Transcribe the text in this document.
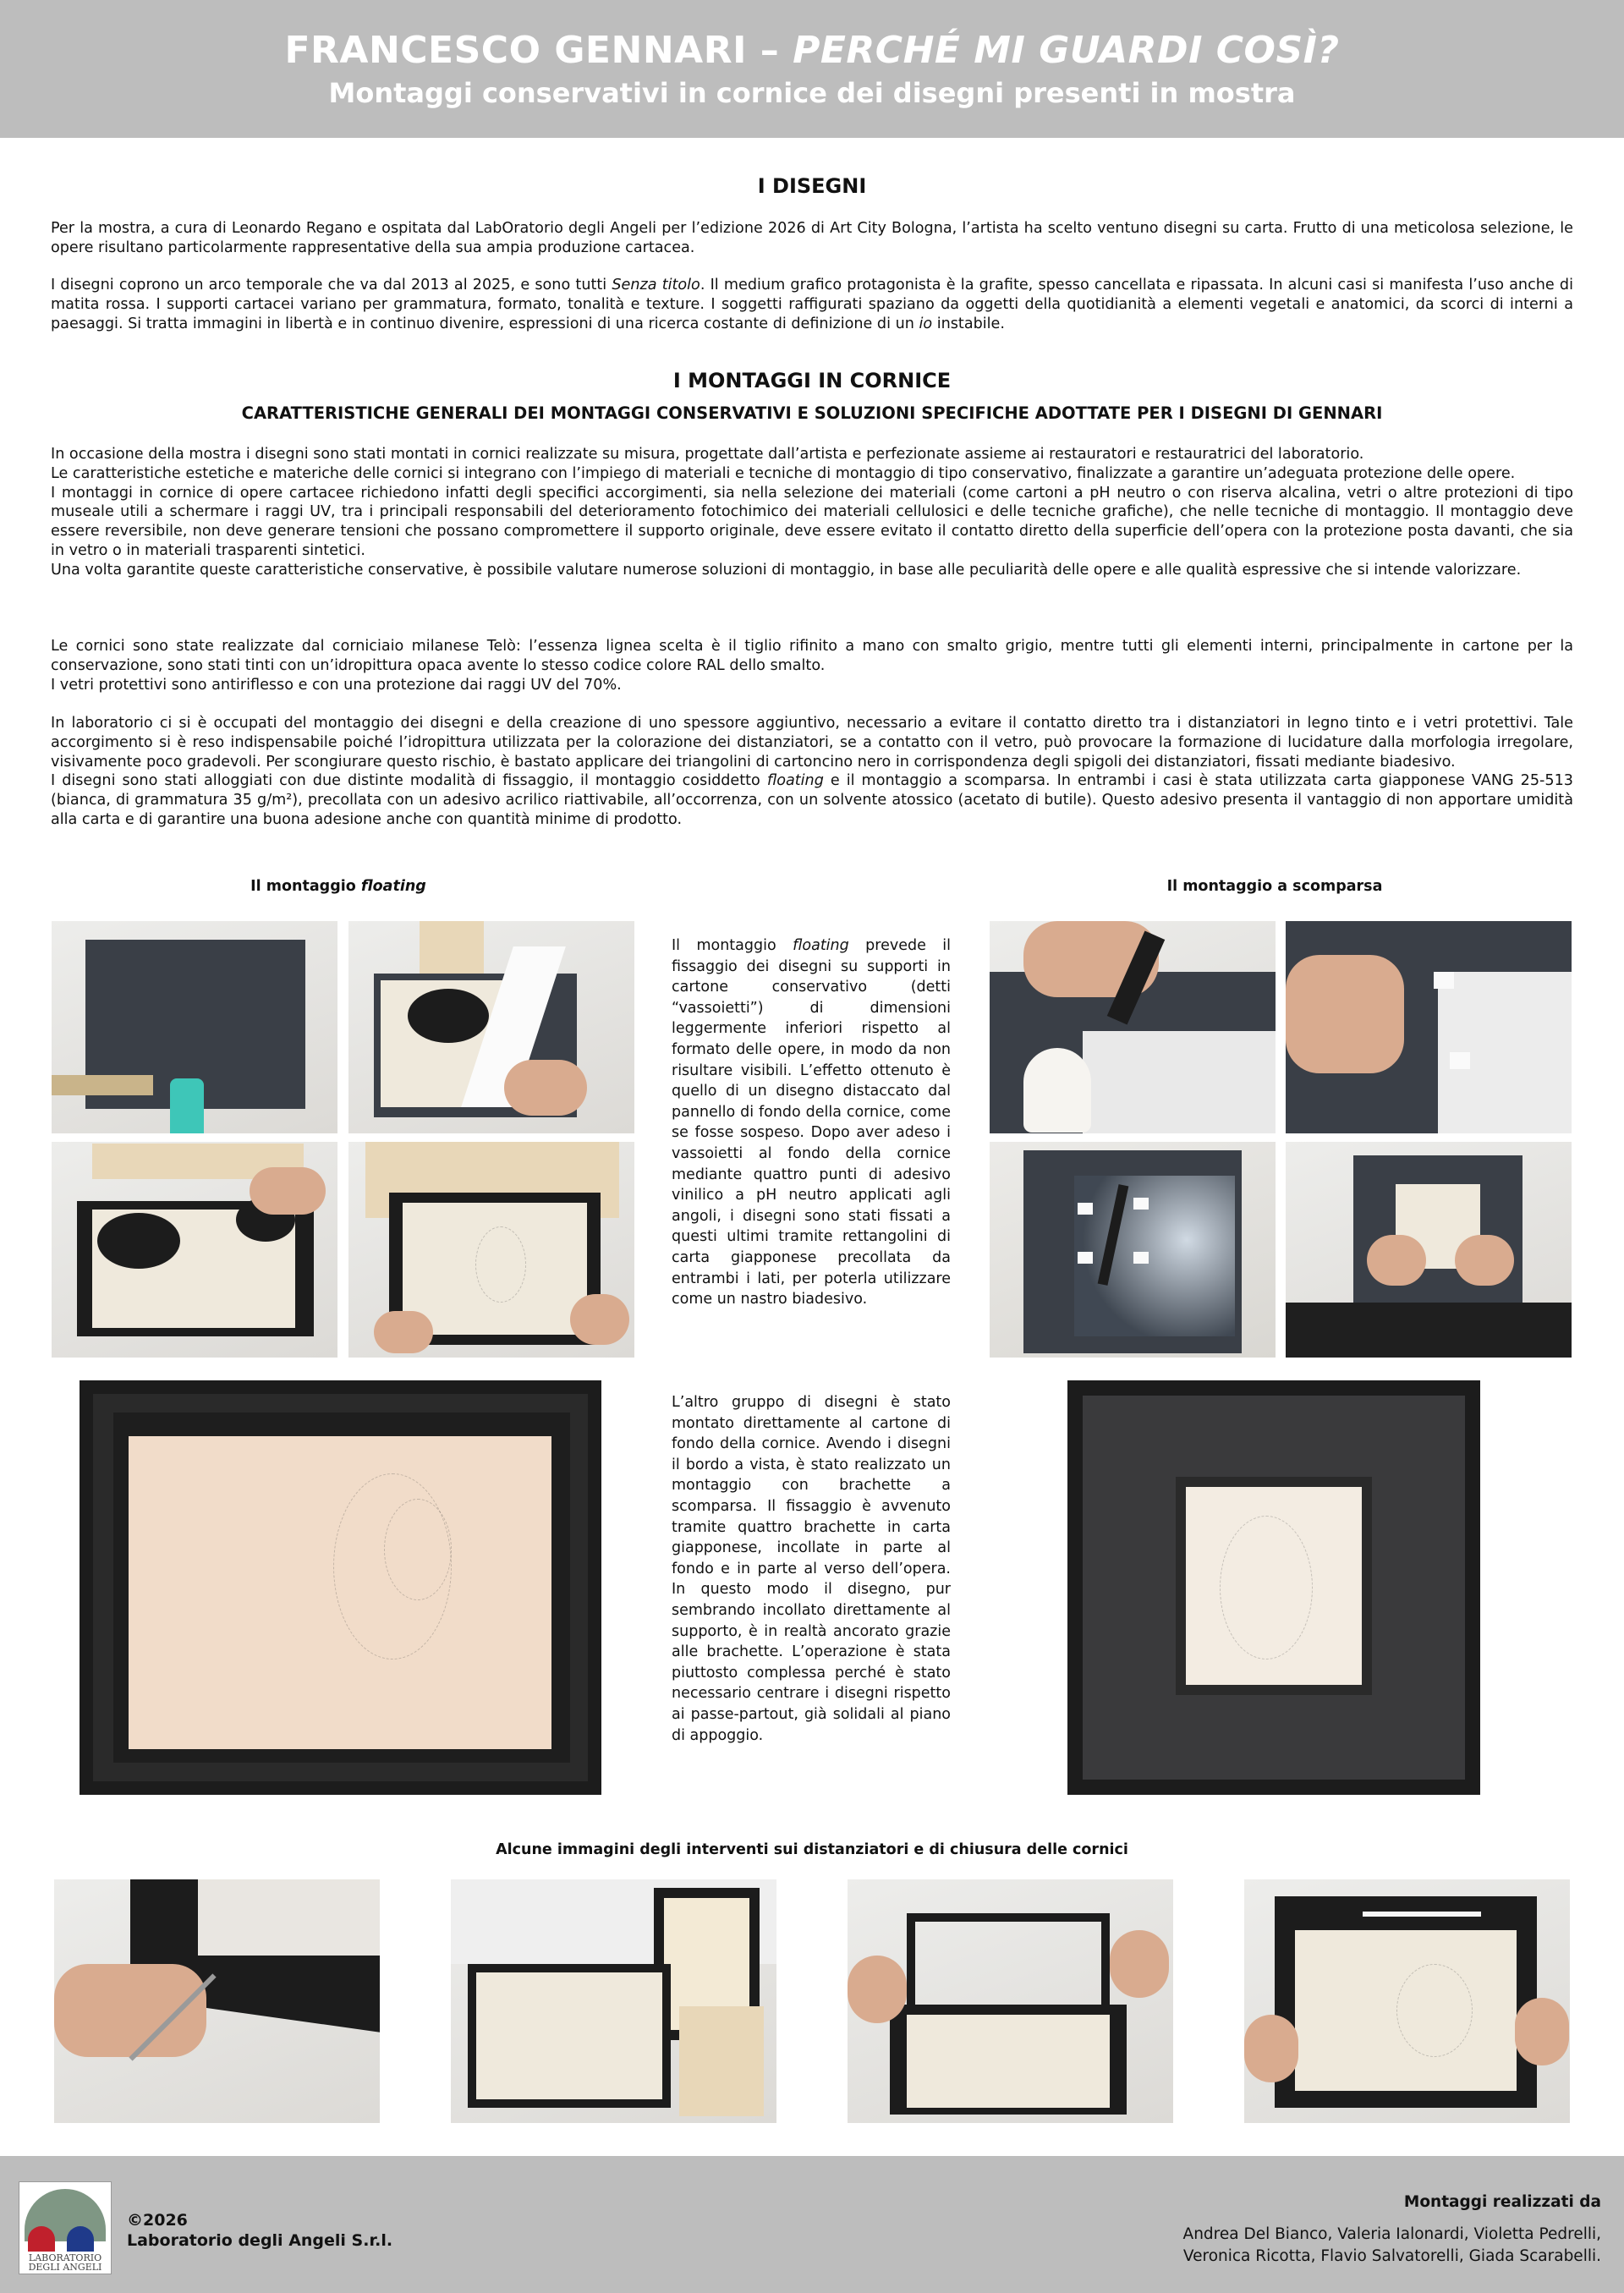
FRANCESCO GENNARI – PERCHÉ MI GUARDI COSÌ?
Montaggi conservativi in cornice dei disegni presenti in mostra
I DISEGNI
Per la mostra, a cura di Leonardo Regano e ospitata dal LabOratorio degli Angeli per l’edizione 2026 di Art City Bologna, l’artista ha scelto ventuno disegni su carta. Frutto di una meticolosa selezione, le opere risultano particolarmente rappresentative della sua ampia produzione cartacea.
I disegni coprono un arco temporale che va dal 2013 al 2025, e sono tutti Senza titolo. Il medium grafico protagonista è la grafite, spesso cancellata e ripassata. In alcuni casi si manifesta l’uso anche di matita rossa. I supporti cartacei variano per grammatura, formato, tonalità e texture. I soggetti raffigurati spaziano da oggetti della quotidianità a elementi vegetali e anatomici, da scorci di interni a paesaggi. Si tratta immagini in libertà e in continuo divenire, espressioni di una ricerca costante di definizione di un io instabile.
I MONTAGGI IN CORNICE
CARATTERISTICHE GENERALI DEI MONTAGGI CONSERVATIVI E SOLUZIONI SPECIFICHE ADOTTATE PER I DISEGNI DI GENNARI
In occasione della mostra i disegni sono stati montati in cornici realizzate su misura, progettate dall’artista e perfezionate assieme ai restauratori e restauratrici del laboratorio.
Le caratteristiche estetiche e materiche delle cornici si integrano con l’impiego di materiali e tecniche di montaggio di tipo conservativo, finalizzate a garantire un’adeguata protezione delle opere.
I montaggi in cornice di opere cartacee richiedono infatti degli specifici accorgimenti, sia nella selezione dei materiali (come cartoni a pH neutro o con riserva alcalina, vetri o altre protezioni di tipo museale utili a schermare i raggi UV, tra i principali responsabili del deterioramento fotochimico dei materiali cellulosici e delle tecniche grafiche), che nelle tecniche di montaggio. Il montaggio deve essere reversibile, non deve generare tensioni che possano compromettere il supporto originale, deve essere evitato il contatto diretto della superficie dell’opera con la protezione posta davanti, che sia in vetro o in materiali trasparenti sintetici.
Una volta garantite queste caratteristiche conservative, è possibile valutare numerose soluzioni di montaggio, in base alle peculiarità delle opere e alle qualità espressive che si intende valorizzare.
Le cornici sono state realizzate dal corniciaio milanese Telò: l’essenza lignea scelta è il tiglio rifinito a mano con smalto grigio, mentre tutti gli elementi interni, principalmente in cartone per la conservazione, sono stati tinti con un’idropittura opaca avente lo stesso codice colore RAL dello smalto.
I vetri protettivi sono antiriflesso e con una protezione dai raggi UV del 70%.
In laboratorio ci si è occupati del montaggio dei disegni e della creazione di uno spessore aggiuntivo, necessario a evitare il contatto diretto tra i distanziatori in legno tinto e i vetri protettivi. Tale accorgimento si è reso indispensabile poiché l’idropittura utilizzata per la colorazione dei distanziatori, se a contatto con il vetro, può provocare la formazione di lucidature dalla morfologia irregolare, visivamente poco gradevoli. Per scongiurare questo rischio, è bastato applicare dei triangolini di cartoncino nero in corrispondenza degli spigoli dei distanziatori, fissati mediante biadesivo.
I disegni sono stati alloggiati con due distinte modalità di fissaggio, il montaggio cosiddetto floating e il montaggio a scomparsa. In entrambi i casi è stata utilizzata carta giapponese VANG 25-513 (bianca, di grammatura 35 g/m²), precollata con un adesivo acrilico riattivabile, all’occorrenza, con un solvente atossico (acetato di butile). Questo adesivo presenta il vantaggio di non apportare umidità alla carta e di garantire una buona adesione anche con quantità minime di prodotto.
Il montaggio floating	Il montaggio a scomparsa
Il montaggio floating prevede il fissaggio dei disegni su supporti in cartone conservativo (detti “vassoietti”) di dimensioni leggermente inferiori rispetto al formato delle opere, in modo da non risultare visibili. L’effetto ottenuto è quello di un disegno distaccato dal pannello di fondo della cornice, come se fosse sospeso. Dopo aver adeso i vassoietti al fondo della cornice mediante quattro punti di adesivo vinilico a pH neutro applicati agli angoli, i disegni sono stati fissati a questi ultimi tramite rettangolini di carta giapponese precollata da entrambi i lati, per poterla utilizzare come un nastro biadesivo.
L’altro gruppo di disegni è stato montato direttamente al cartone di fondo della cornice. Avendo i disegni il bordo a vista, è stato realizzato un montaggio con brachette a scomparsa. Il fissaggio è avvenuto tramite quattro brachette in carta giapponese, incollate in parte al fondo e in parte al verso dell’opera. In questo modo il disegno, pur sembrando incollato direttamente al supporto, è in realtà ancorato grazie alle brachette. L’operazione è stata piuttosto complessa perché è stato necessario centrare i disegni rispetto ai passe-partout, già solidali al piano di appoggio.
Alcune immagini degli interventi sui distanziatori e di chiusura delle cornici
LABORATORIO
DEGLI ANGELI
©2026
Laboratorio degli Angeli S.r.l.
Montaggi realizzati da
Andrea Del Bianco, Valeria Ialonardi, Violetta Pedrelli,
Veronica Ricotta, Flavio Salvatorelli, Giada Scarabelli.
